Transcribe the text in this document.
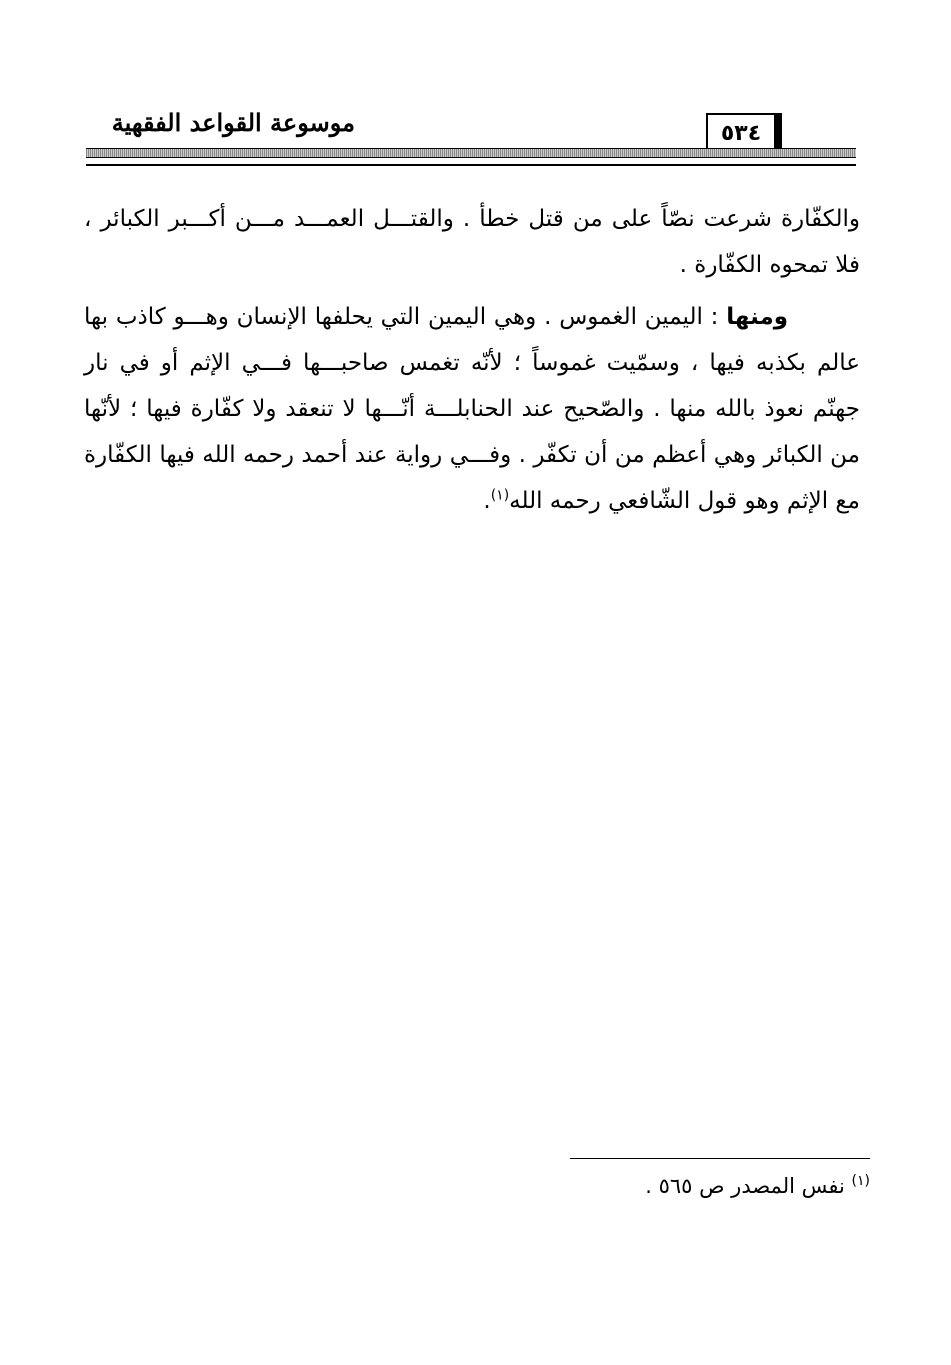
موسوعة القواعد الفقهية	٥٣٤

والكفّارة شرعت نصّاً على من قتل خطأ . والقتـــل العمـــد مـــن أكـــبر الكبائر ، فلا تمحوه الكفّارة .

ومنها : اليمين الغموس . وهي اليمين التي يحلفها الإنسان وهـــو كاذب بها عالم بكذبه فيها ، وسمّيت غموساً ؛ لأنّه تغمس صاحبـــها فـــي الإثم أو في نار جهنّم نعوذ بالله منها . والصّحيح عند الحنابلـــة أنّـــها لا تنعقد ولا كفّارة فيها ؛ لأنّها من الكبائر وهي أعظم من أن تكفّر . وفـــي رواية عند أحمد رحمه الله فيها الكفّارة مع الإثم وهو قول الشّافعي رحمه الله$^{(١)}$.

$^{(١)}$ نفس المصدر ص ٥٦٥ .
